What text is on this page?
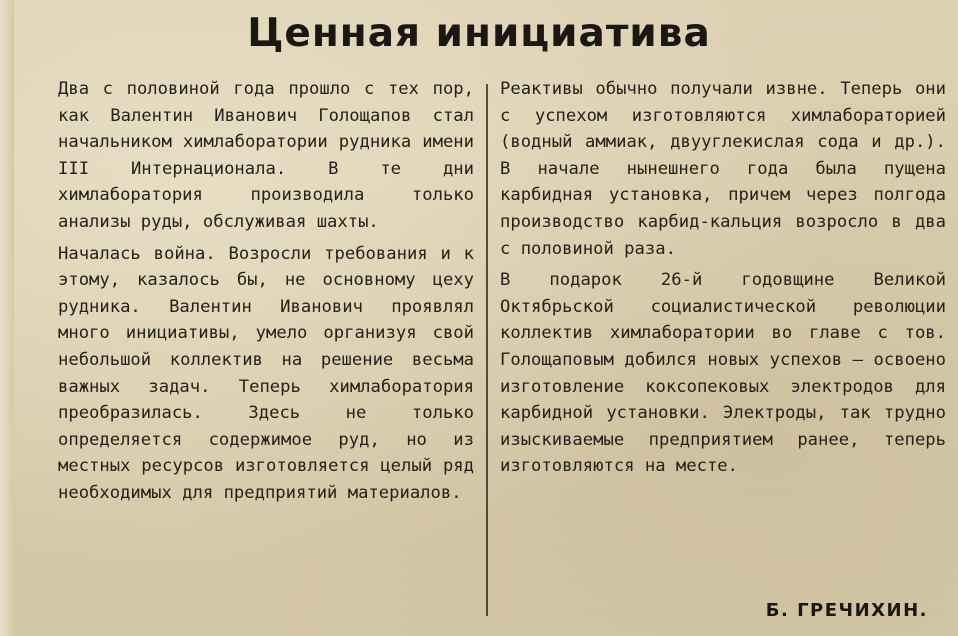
Ценная инициатива

Два с половиной года прошло с тех пор, как Валентин Иванович Голощапов стал начальником химлаборатории рудника имени III Интернационала. В те дни химлаборатория производила только анализы руды, обслуживая шахты.

Началась война. Возросли требования и к этому, казалось бы, не основному цеху рудника. Валентин Иванович проявлял много инициативы, умело организуя свой небольшой коллектив на решение весьма важных задач. Теперь химлаборатория преобразилась. Здесь не только определяется содержимое руд, но из местных ресурсов изготовляется целый ряд необходимых для предприятий материалов.

Реактивы обычно получали извне. Теперь они с успехом изготовляются химлабораторией (водный аммиак, двууглекислая сода и др.). В начале нынешнего года была пущена карбидная установка, причем через полгода производство карбид-кальция возросло в два с половиной раза.

В подарок 26-й годовщине Великой Октябрьской социалистической революции коллектив химлаборатории во главе с тов. Голощаповым добился новых успехов — освоено изготовление коксопековых электродов для карбидной установки. Электроды, так трудно изыскиваемые предприятием ранее, теперь изготовляются на месте.

Б. ГРЕЧИХИН.
